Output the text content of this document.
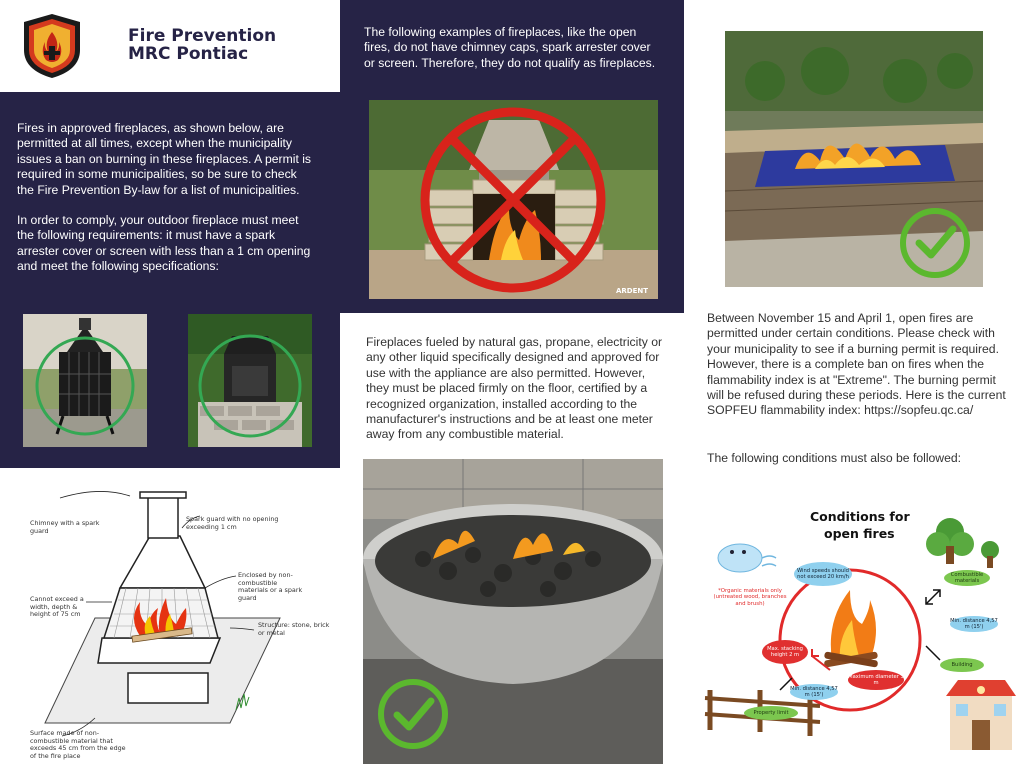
Fire Prevention
MRC Pontiac

Fires in approved fireplaces, as shown below, are permitted at all times, except when the municipality issues a ban on burning in these fireplaces. A permit is required in some municipalities, so be sure to check the Fire Prevention By-law for a list of municipalities.

In order to comply, your outdoor fireplace must meet the following requirements: it must have a spark arrester cover or screen with less than a 1 cm opening and meet the following specifications:

Chimney with a spark guard
Spark guard with no opening exceeding 1 cm
Cannot exceed a width, depth & height of 75 cm
Enclosed by non-combustible materials or a spark guard
Structure: stone, brick or metal
Surface made of non-combustible material that exceeds 45 cm from the edge of the fire place

The following examples of fireplaces, like the open fires, do not have chimney caps, spark arrester cover or screen. Therefore, they do not qualify as fireplaces.

ARDENT

Fireplaces fueled by natural gas, propane, electricity or any other liquid specifically designed and approved for use with the appliance are also permitted. However, they must be placed firmly on the floor, certified by a recognized organization, installed according to the manufacturer's instructions and be at least one meter away from any combustible material.

Between November 15 and April 1, open fires are permitted under certain conditions. Please check with your municipality to see if a burning permit is required. However, there is a complete ban on fires when the flammability index is at "Extreme". The burning permit will be refused during these periods. Here is the current SOPFEU flammability index: https://sopfeu.qc.ca/

The following conditions must also be followed:

Conditions for
open fires
Wind speeds should not exceed 20 km/h
*Organic materials only (untreated wood, branches and brush)
Combustible materials
Min. distance 4,57 m (15')
Max. stacking height 2 m
Maximum diameter 3 m
Building
Min. distance 4,57 m (15')
Property limit
